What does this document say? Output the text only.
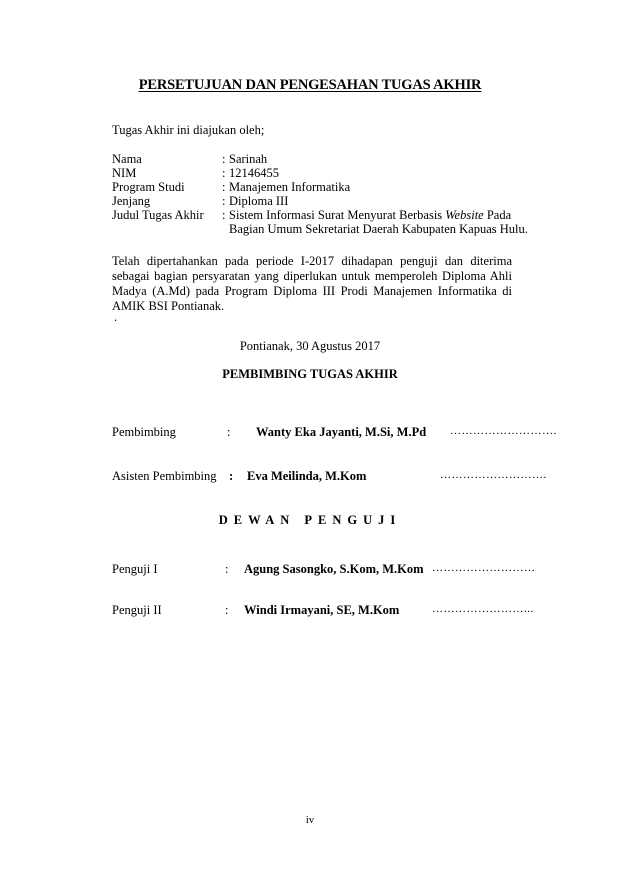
PERSETUJUAN DAN PENGESAHAN TUGAS AKHIR
Tugas Akhir ini diajukan oleh;
Nama	: Sarinah
NIM	: 12146455
Program Studi	: Manajemen Informatika
Jenjang	: Diploma III
Judul Tugas Akhir : Sistem Informasi Surat Menyurat Berbasis Website Pada
Bagian Umum Sekretariat Daerah Kabupaten Kapuas Hulu.
Telah dipertahankan pada periode I-2017 dihadapan penguji dan diterima sebagai bagian persyaratan yang diperlukan untuk memperoleh Diploma Ahli Madya (A.Md) pada Program Diploma III Prodi Manajemen Informatika di AMIK BSI Pontianak.
.
Pontianak, 30 Agustus 2017
PEMBIMBING TUGAS AKHIR
Pembimbing	: Wanty Eka Jayanti, M.Si, M.Pd ……………………….
Asisten Pembimbing : Eva Meilinda, M.Kom	……………………….
DEWAN PENGUJI
Penguji I	: Agung Sasongko, S.Kom, M.Kom ………………………
Penguji II	: Windi Irmayani, SE, M.Kom	……………………...
iv
